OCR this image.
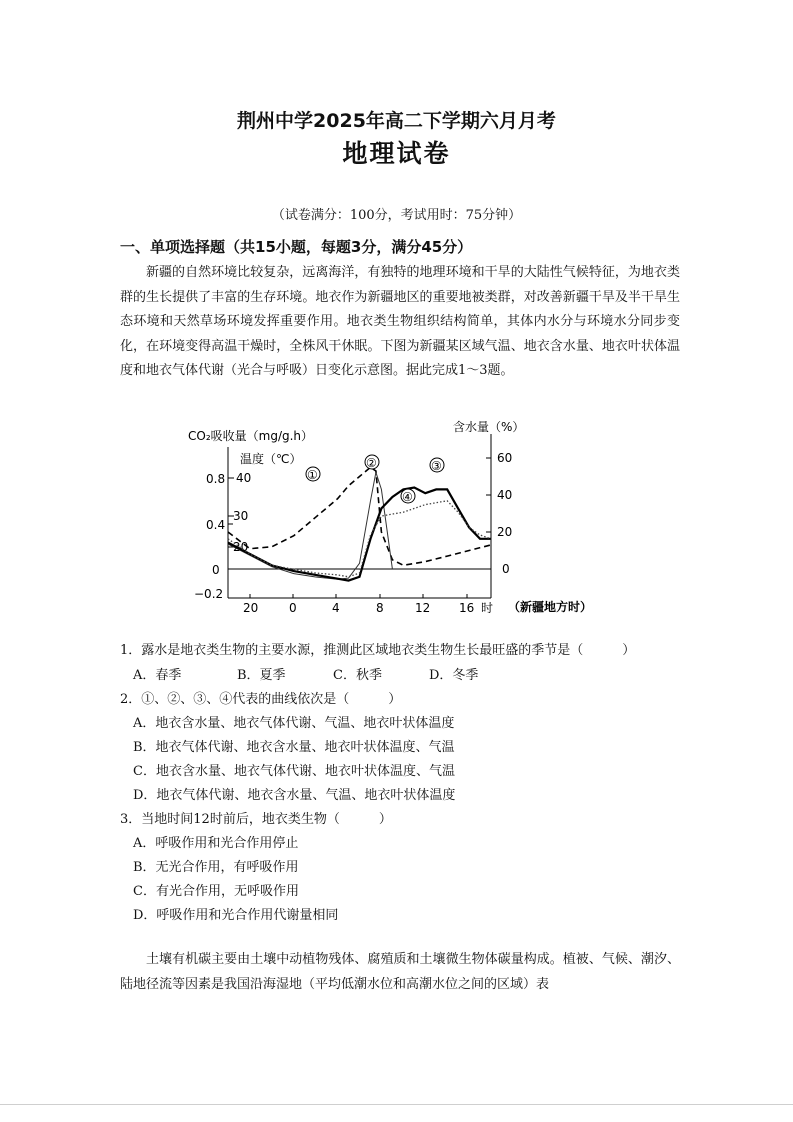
荆州中学2025年高二下学期六月月考
地理试卷
（试卷满分：100分，考试用时：75分钟）
一、单项选择题（共15小题，每题3分，满分45分）

新疆的自然环境比较复杂，远离海洋，有独特的地理环境和干旱的大陆性气候特征，为地衣类群的生长提供了丰富的生存环境。地衣作为新疆地区的重要地被类群，对改善新疆干旱及半干旱生态环境和天然草场环境发挥重要作用。地衣类生物组织结构简单，其体内水分与环境水分同步变化，在环境变得高温干燥时，全株风干休眠。下图为新疆某区域气温、地衣含水量、地衣叶状体温度和地衣气体代谢（光合与呼吸）日变化示意图。据此完成1～3题。

CO₂吸收量（mg/g.h）
温度（℃）
含水量（%）
0.8
0.4
0
−0.2
40
30
20
60
40
20
0
20	0	4	8	12 16 时 （新疆地方时）
①
②	③
④

1．露水是地衣类生物的主要水源，推测此区域地衣类生物生长最旺盛的季节是（　　　）

A．春季	B．夏季	C．秋季	D．冬季

2．①、②、③、④代表的曲线依次是（　　　）

A．地衣含水量、地衣气体代谢、气温、地衣叶状体温度

B．地衣气体代谢、地衣含水量、地衣叶状体温度、气温

C．地衣含水量、地衣气体代谢、地衣叶状体温度、气温

D．地衣气体代谢、地衣含水量、气温、地衣叶状体温度

3．当地时间12时前后，地衣类生物（　　　）

A．呼吸作用和光合作用停止

B．无光合作用，有呼吸作用

C．有光合作用，无呼吸作用

D．呼吸作用和光合作用代谢量相同

土壤有机碳主要由土壤中动植物残体、腐殖质和土壤微生物体碳量构成。植被、气候、潮汐、陆地径流等因素是我国沿海湿地（平均低潮水位和高潮水位之间的区域）表
